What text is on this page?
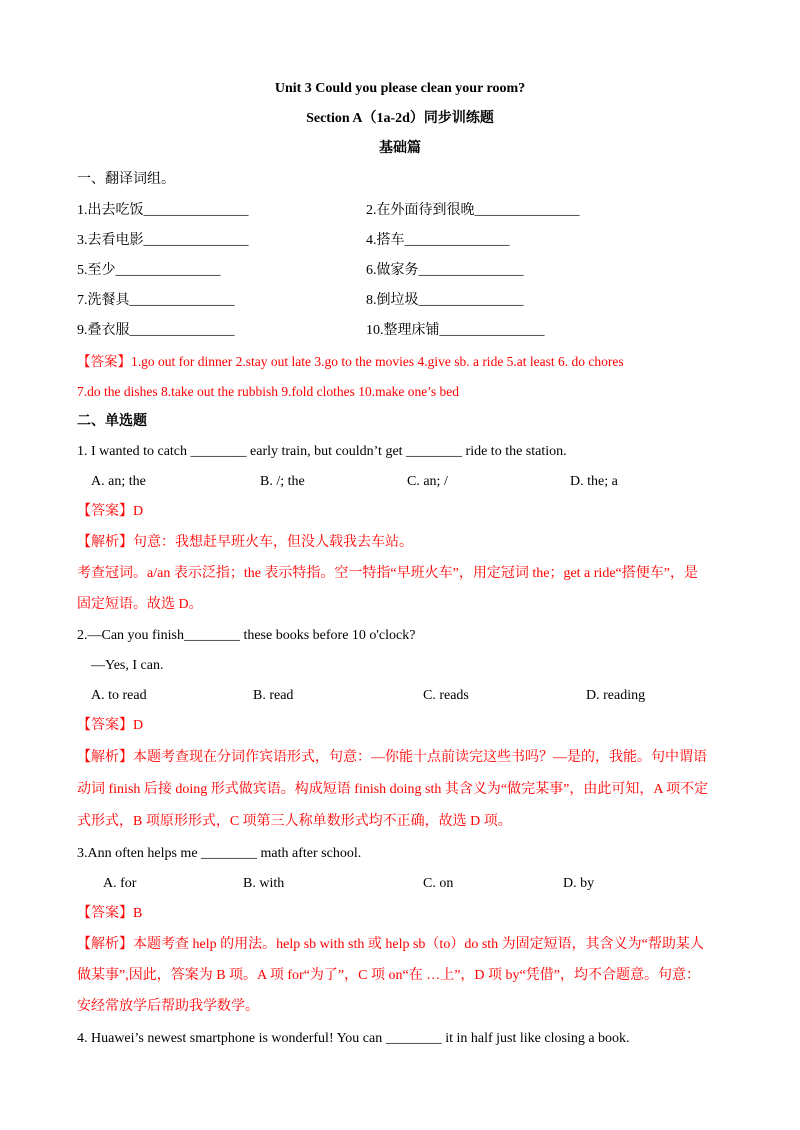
Unit 3 Could you please clean your room?
Section A（1a-2d）同步训练题
基础篇
一、翻译词组。
1.出去吃饭_______________	2.在外面待到很晚_______________
3.去看电影_______________	4.搭车_______________
5.至少_______________	6.做家务_______________
7.洗餐具_______________	8.倒垃圾_______________
9.叠衣服_______________	10.整理床铺_______________
【答案】1.go out for dinner 2.stay out late 3.go to the movies 4.give sb. a ride 5.at least 6. do chores
7.do the dishes 8.take out the rubbish 9.fold clothes 10.make one’s bed
二、单选题
1. I wanted to catch ________ early train, but couldn’t get ________ ride to the station.
A. an; the	B. /; the	C. an; /	D. the; a
【答案】D
【解析】句意：我想赶早班火车，但没人载我去车站。
考查冠词。a/an 表示泛指；the 表示特指。空一特指“早班火车”，用定冠词 the；get a ride“搭便车”，是
固定短语。故选 D。
2.—Can you finish________ these books before 10 o'clock?
—Yes, I can.
A. to read	B. read	C. reads	D. reading
【答案】D
【解析】本题考查现在分词作宾语形式，句意：—你能十点前读完这些书吗？—是的，我能。句中谓语
动词 finish 后接 doing 形式做宾语。构成短语 finish doing sth 其含义为“做完某事”，由此可知，A 项不定
式形式，B 项原形形式，C 项第三人称单数形式均不正确，故选 D 项。
3.Ann often helps me ________ math after school.
A. for	B. with	C. on	D. by
【答案】B
【解析】本题考查 help 的用法。help sb with sth 或 help sb（to）do sth 为固定短语，其含义为“帮助某人
做某事”,因此，答案为 B 项。A 项 for“为了”，C 项 on“在 …上”，D 项 by“凭借”，均不合题意。句意：
安经常放学后帮助我学数学。
4. Huawei’s newest smartphone is wonderful! You can ________ it in half just like closing a book.
